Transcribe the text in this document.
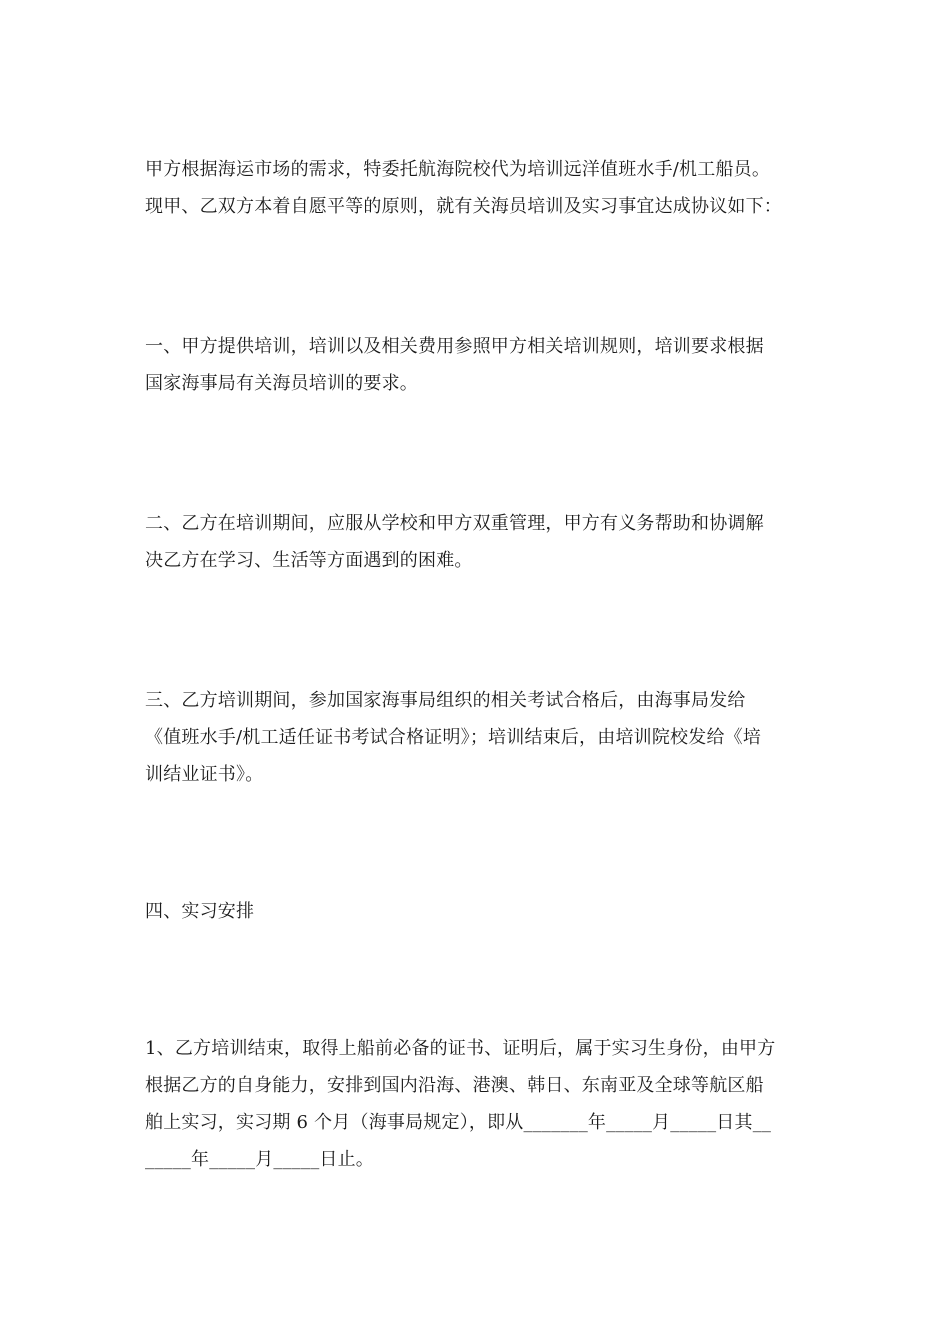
甲方根据海运市场的需求，特委托航海院校代为培训远洋值班水手/机工船员。
现甲、乙双方本着自愿平等的原则，就有关海员培训及实习事宜达成协议如下：
一、甲方提供培训，培训以及相关费用参照甲方相关培训规则，培训要求根据
国家海事局有关海员培训的要求。
二、乙方在培训期间，应服从学校和甲方双重管理，甲方有义务帮助和协调解
决乙方在学习、生活等方面遇到的困难。
三、乙方培训期间，参加国家海事局组织的相关考试合格后，由海事局发给
《值班水手/机工适任证书考试合格证明》；培训结束后，由培训院校发给《培
训结业证书》。
四、实习安排
1、乙方培训结束，取得上船前必备的证书、证明后，属于实习生身份，由甲方
根据乙方的自身能力，安排到国内沿海、港澳、韩日、东南亚及全球等航区船
舶上实习，实习期 6 个月（海事局规定），即从_______年_____月_____日其__
_____年_____月_____日止。
